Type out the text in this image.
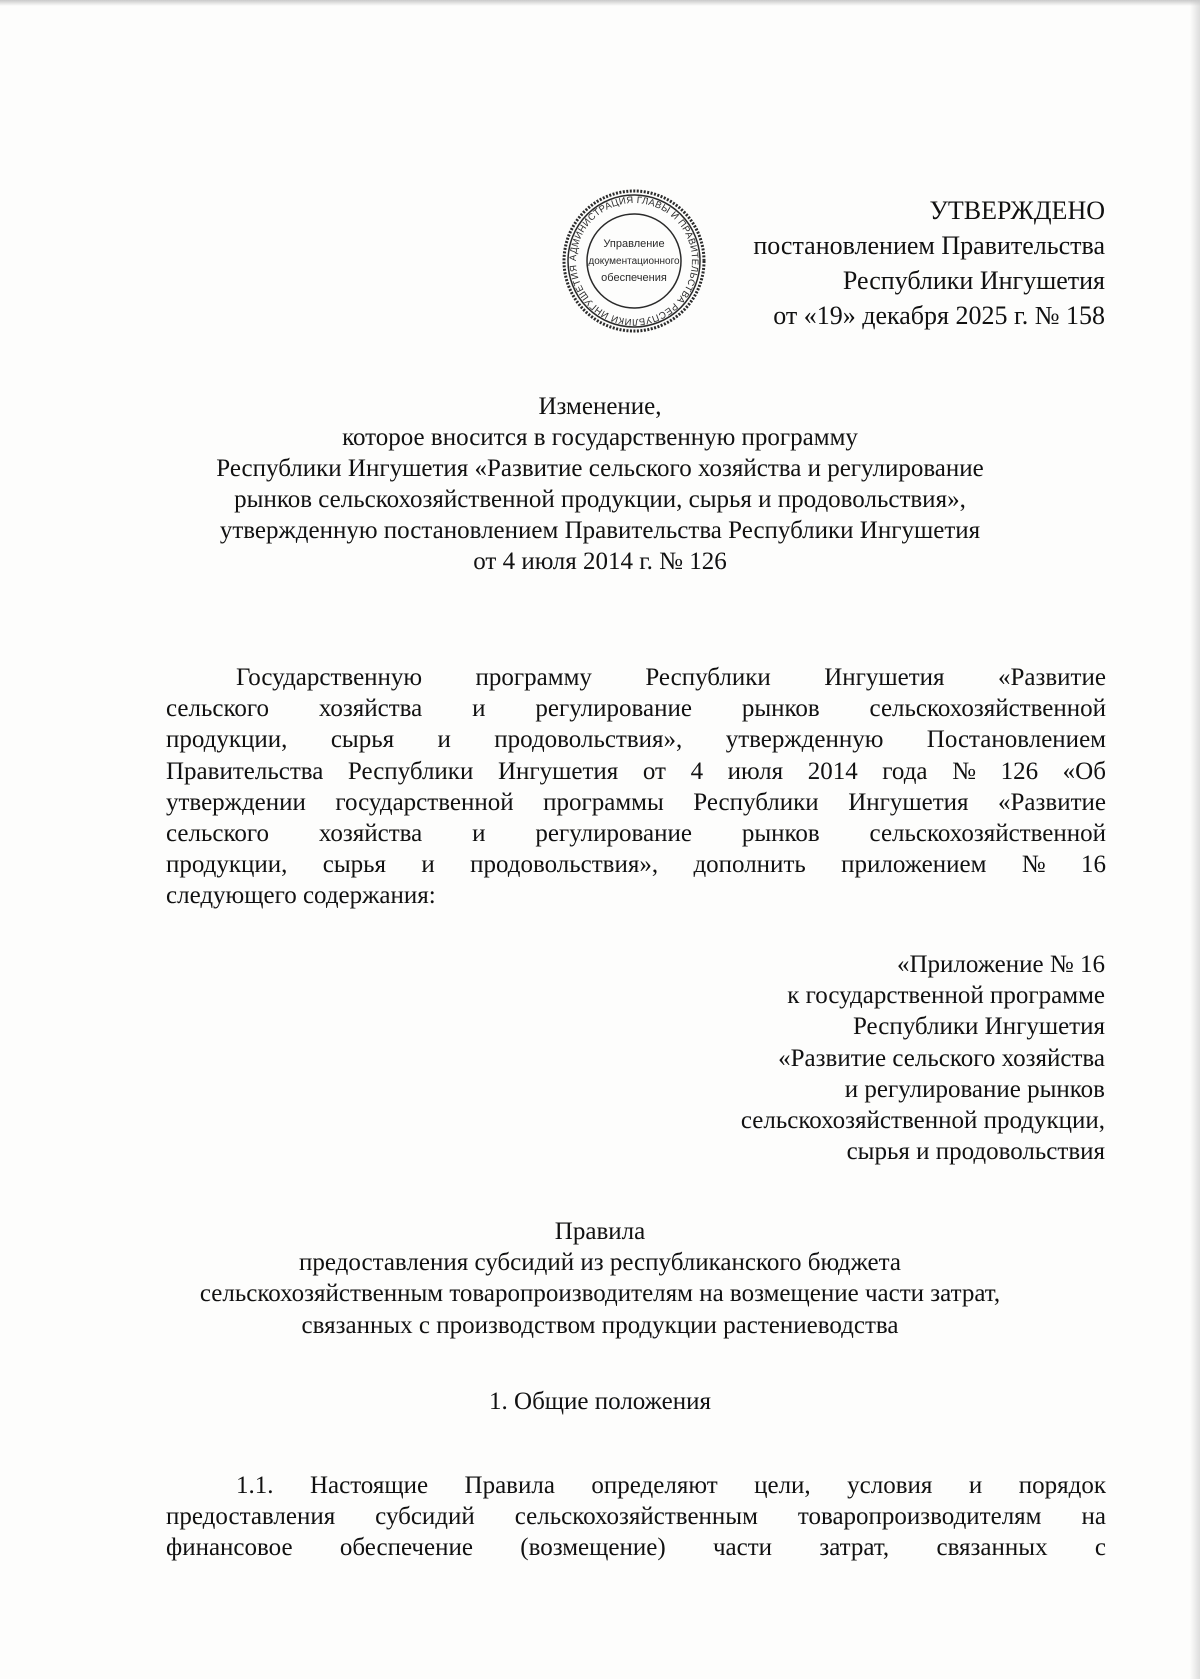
УТВЕРЖДЕНО
постановлением Правительства
Республики Ингушетия
от «19» декабря 2025 г. № 158
АДМИНИСТРАЦИЯ ГЛАВЫ И ПРАВИТЕЛЬСТВА РЕСПУБЛИКИ ИНГУШЕТИЯ
Управление
документационного
обеспечения
Изменение,
которое вносится в государственную программу
Республики Ингушетия «Развитие сельского хозяйства и регулирование
рынков сельскохозяйственной продукции, сырья и продовольствия»,
утвержденную постановлением Правительства Республики Ингушетия
от 4 июля 2014 г. № 126
Государственную программу Республики Ингушетия «Развитие
сельского хозяйства и регулирование рынков сельскохозяйственной
продукции, сырья и продовольствия», утвержденную Постановлением
Правительства Республики Ингушетия от 4 июля 2014 года № 126 «Об
утверждении государственной программы Республики Ингушетия «Развитие
сельского хозяйства и регулирование рынков сельскохозяйственной
продукции, сырья и продовольствия», дополнить приложением № 16
следующего содержания:
«Приложение № 16
к государственной программе
Республики Ингушетия
«Развитие сельского хозяйства
и регулирование рынков
сельскохозяйственной продукции,
сырья и продовольствия
Правила
предоставления субсидий из республиканского бюджета
сельскохозяйственным товаропроизводителям на возмещение части затрат,
связанных с производством продукции растениеводства
1. Общие положения
1.1. Настоящие Правила определяют цели, условия и порядок
предоставления субсидий сельскохозяйственным товаропроизводителям на
финансовое обеспечение (возмещение) части затрат, связанных с
